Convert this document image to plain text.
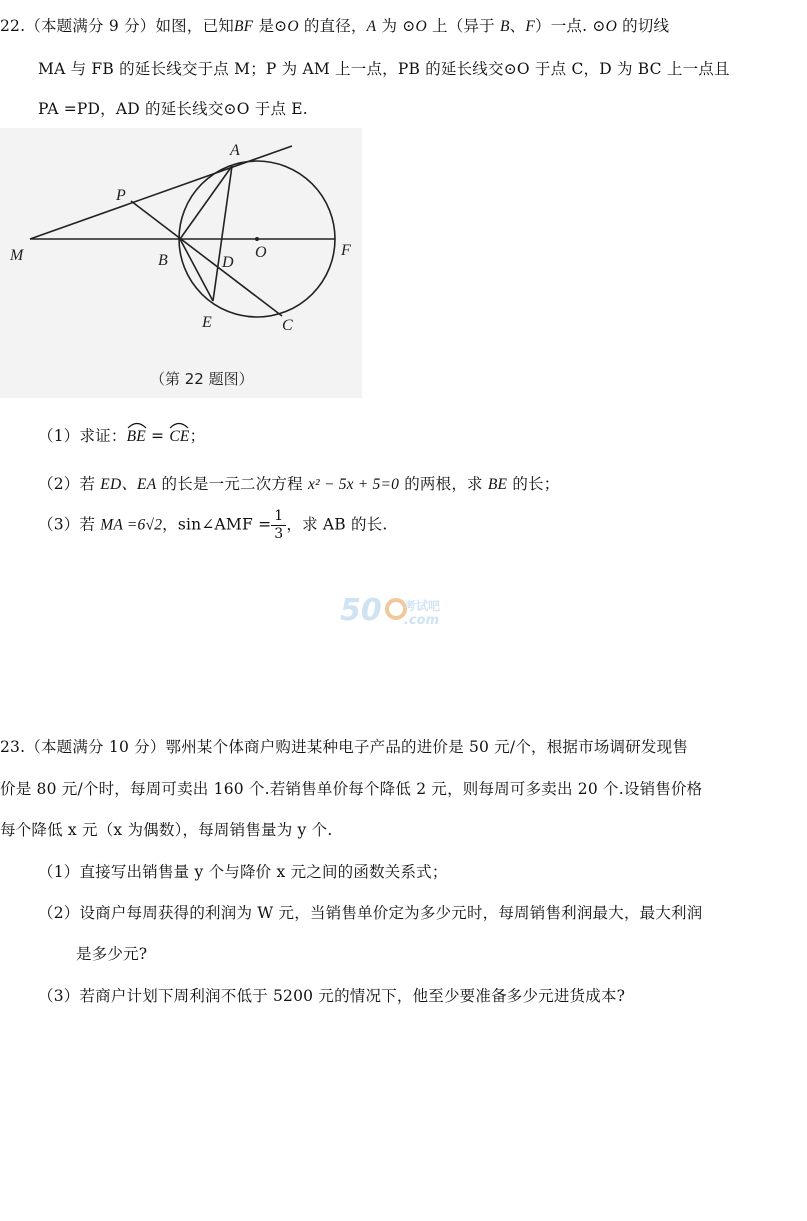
22.（本题满分 9 分）如图，已知BF 是⊙O 的直径，A 为 ⊙O 上（异于 B、F）一点. ⊙O 的切线
MA 与 FB 的延长线交于点 M；P 为 AM 上一点，PB 的延长线交⊙O 于点 C，D 为 BC 上一点且
PA =PD，AD 的延长线交⊙O 于点 E.
A
P
M	B	D
O	F
E	C
（第 22 题图）
（1）求证：
BE =
CE；
（2）若 ED、EA 的长是一元二次方程 x² − 5x + 5=0 的两根，求 BE 的长；
（3）若 MA =6√2，sin∠AMF = $\frac{1}{3}$ ，求 AB 的长.
50 考试吧
.com
23.（本题满分 10 分）鄂州某个体商户购进某种电子产品的进价是 50 元/个，根据市场调研发现售
价是 80 元/个时，每周可卖出 160 个.若销售单价每个降低 2 元，则每周可多卖出 20 个.设销售价格
每个降低 x 元（x 为偶数），每周销售量为 y 个.
（1）直接写出销售量 y 个与降价 x 元之间的函数关系式；
（2）设商户每周获得的利润为 W 元，当销售单价定为多少元时，每周销售利润最大，最大利润
是多少元?
（3）若商户计划下周利润不低于 5200 元的情况下，他至少要准备多少元进货成本?
